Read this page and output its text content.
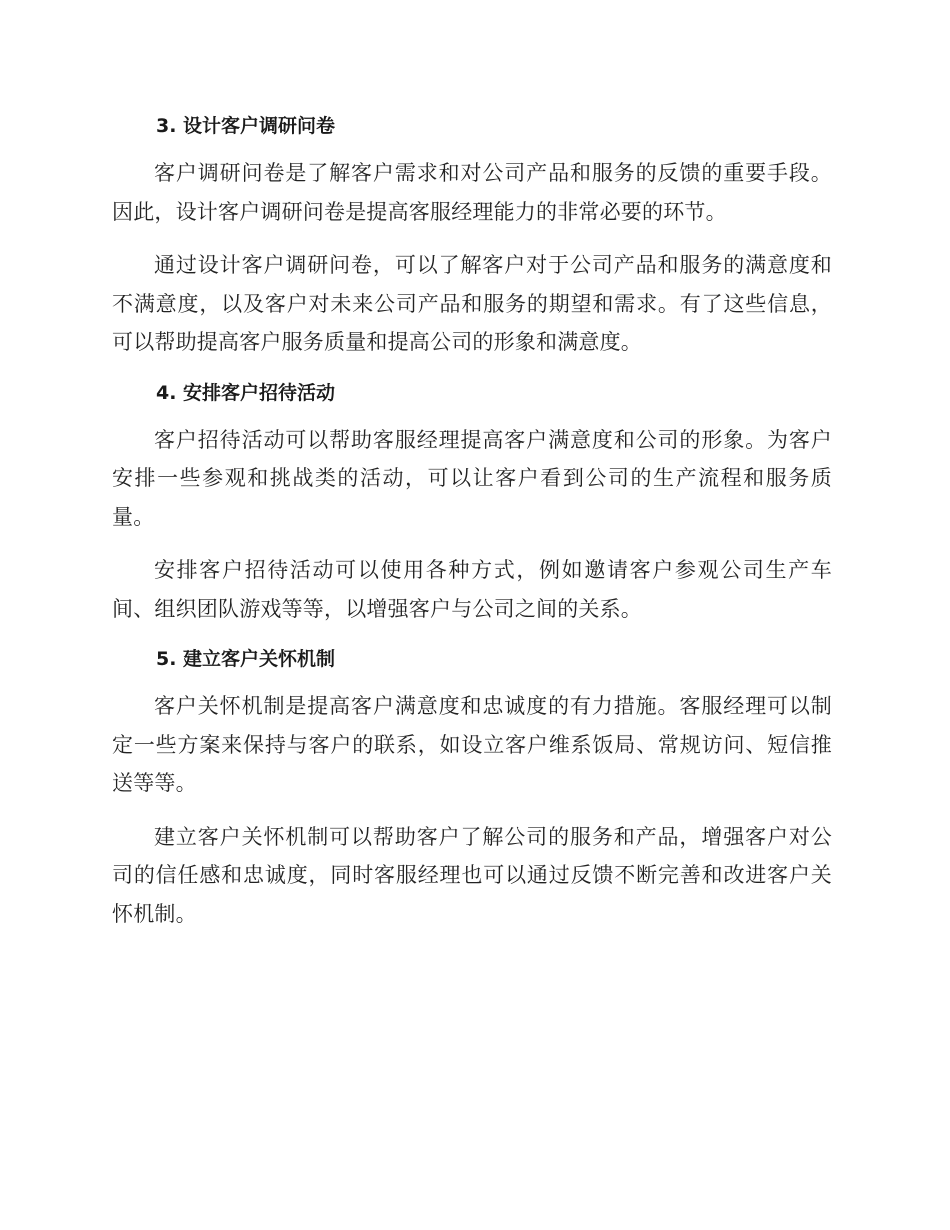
3. 设计客户调研问卷

客户调研问卷是了解客户需求和对公司产品和服务的反馈的重要手段。因此，设计客户调研问卷是提高客服经理能力的非常必要的环节。

通过设计客户调研问卷，可以了解客户对于公司产品和服务的满意度和不满意度，以及客户对未来公司产品和服务的期望和需求。有了这些信息，可以帮助提高客户服务质量和提高公司的形象和满意度。

4. 安排客户招待活动

客户招待活动可以帮助客服经理提高客户满意度和公司的形象。为客户安排一些参观和挑战类的活动，可以让客户看到公司的生产流程和服务质量。

安排客户招待活动可以使用各种方式，例如邀请客户参观公司生产车间、组织团队游戏等等，以增强客户与公司之间的关系。

5. 建立客户关怀机制

客户关怀机制是提高客户满意度和忠诚度的有力措施。客服经理可以制定一些方案来保持与客户的联系，如设立客户维系饭局、常规访问、短信推送等等。

建立客户关怀机制可以帮助客户了解公司的服务和产品，增强客户对公司的信任感和忠诚度，同时客服经理也可以通过反馈不断完善和改进客户关怀机制。
